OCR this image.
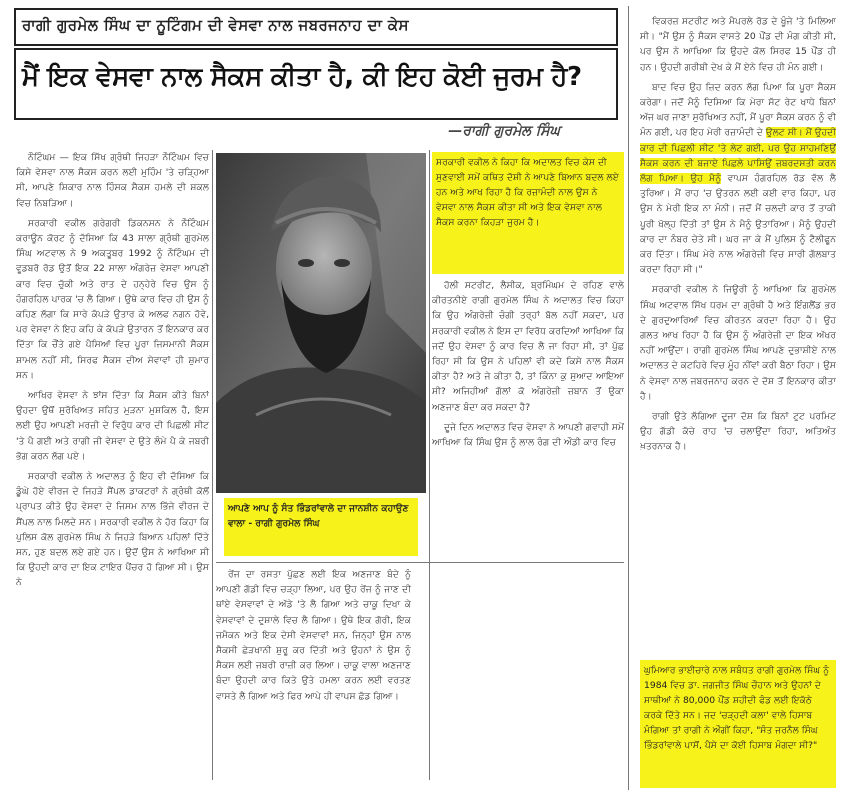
ਰਾਗੀ ਗੁਰਮੇਲ ਸਿੰਘ ਦਾ ਨੂਟਿੰਗਮ ਦੀ ਵੇਸਵਾ ਨਾਲ ਜਬਰਜਨਾਹ ਦਾ ਕੇਸ
ਮੈਂ ਇਕ ਵੇਸਵਾ ਨਾਲ ਸੈਕਸ ਕੀਤਾ ਹੈ, ਕੀ ਇਹ ਕੋਈ ਜੁਰਮ ਹੈ?
—ਰਾਗੀ ਗੁਰਮੇਲ ਸਿੰਘ

ਨੌਟਿੰਘਮ — ਇਕ ਸਿੱਖ ਗ੍ਰੰਥੀ ਜਿਹੜਾ ਨੌਟਿੰਘਮ ਵਿਚ ਕਿਸੇ ਵੇਸਵਾ ਨਾਲ ਸੈਕਸ ਕਰਨ ਲਈ ਮੁਹਿੰਮ 'ਤੇ ਚੜ੍ਹਿਆ ਸੀ, ਆਪਣੇ ਸ਼ਿਕਾਰ ਨਾਲ ਹਿੰਸਕ ਸੈਕਸ ਹਮਲੇ ਦੀ ਸ਼ਕਲ ਵਿਚ ਨਿਬੜਿਆ।

ਸਰਕਾਰੀ ਵਕੀਲ ਗਰੇਗਰੀ ਡਿਕਨਸਨ ਨੇ ਨੌਟਿੰਘਮ ਕਰਾਊਨ ਕੋਰਟ ਨੂੰ ਦੱਸਿਆ ਕਿ 43 ਸਾਲਾ ਗ੍ਰੰਥੀ ਗੁਰਮੇਲ ਸਿੰਘ ਅਟਵਾਲ ਨੇ 9 ਅਕਤੂਬਰ 1992 ਨੂੰ ਨੌਟਿੰਘਮ ਦੀ ਵੂਡਬਰੋ ਰੋਡ ਉਤੋਂ ਇਕ 22 ਸਾਲਾ ਅੰਗਰੇਜ਼ ਵੇਸਵਾ ਆਪਣੀ ਕਾਰ ਵਿਚ ਚੁੱਕੀ ਅਤੇ ਰਾਤ ਦੇ ਹਨ੍ਹੇਰੇ ਵਿਚ ਉਸ ਨੂੰ ਹੰਗਰਹਿਲ ਪਾਰਕ 'ਚ ਲੈ ਗਿਆ। ਉਥੇ ਕਾਰ ਵਿਚ ਹੀ ਉਸ ਨੂੰ ਕਹਿਣ ਲੱਗਾ ਕਿ ਸਾਰੇ ਕੱਪੜੇ ਉਤਾਰ ਕੇ ਅਲਫ ਨਗਨ ਹੋਵੇ, ਪਰ ਵੇਸਵਾ ਨੇ ਇਹ ਕਹਿ ਕੇ ਕੱਪੜੇ ਉਤਾਰਨ ਤੋਂ ਇਨਕਾਰ ਕਰ ਦਿੱਤਾ ਕਿ ਚੌਂਤੇ ਗਏ ਪੈਸਿਆਂ ਵਿਚ ਪੂਰਾ ਜਿਸਮਾਨੀ ਸੈਕਸ ਸ਼ਾਮਲ ਨਹੀਂ ਸੀ, ਸਿਰਫ ਸੈਕਸ ਦੀਅ ਸੇਵਾਵਾਂ ਹੀ ਸ਼ੁਮਾਰ ਸਨ।

ਆਖਿਰ ਵੇਸਵਾ ਨੇ ਝਾਂਸ ਦਿੱਤਾ ਕਿ ਸੈਕਸ ਕੀਤੇ ਬਿਨਾਂ ਉਹਦਾ ਉਥੋਂ ਸੁਰੱਖਿਅਤ ਸਹਿਤ ਮੁੜਨਾ ਮੁਸ਼ਕਿਲ ਹੈ, ਇਸ ਲਈ ਉਹ ਆਪਣੀ ਮਰਜ਼ੀ ਦੇ ਵਿਰੁੱਧ ਕਾਰ ਦੀ ਪਿਛਲੀ ਸੀਟ 'ਤੇ ਪੈ ਗਈ ਅਤੇ ਰਾਗੀ ਜੀ ਵੇਸਵਾ ਦੇ ਉਤੇ ਲੰਮੇ ਪੈ ਕੇ ਜਬਰੀ ਭੋਗ ਕਰਨ ਲੱਗ ਪਏ।

ਸਰਕਾਰੀ ਵਕੀਲ ਨੇ ਅਦਾਲਤ ਨੂੰ ਇਹ ਵੀ ਦੱਸਿਆ ਕਿ ਡੂੰਘੇ ਹੋਏ ਵੀਰਜ ਦੇ ਜਿਹੜੇ ਸੈਂਪਲ ਡਾਕਟਰਾਂ ਨੇ ਗ੍ਰੰਥੀ ਕੋਲੋਂ ਪ੍ਰਾਪਤ ਕੀਤੇ ਉਹ ਵੇਸਵਾ ਦੇ ਜਿਸਮ ਨਾਲ ਭਿੱਜੇ ਵੀਰਜ ਦੇ ਸੈਂਪਲ ਨਾਲ ਮਿਲਦੇ ਸਨ। ਸਰਕਾਰੀ ਵਕੀਲ ਨੇ ਹੋਰ ਕਿਹਾ ਕਿ ਪੁਲਿਸ ਕੋਲ ਗੁਰਮੇਲ ਸਿੰਘ ਨੇ ਜਿਹੜੇ ਬਿਆਨ ਪਹਿਲਾਂ ਦਿੱਤੇ ਸਨ, ਹੁਣ ਬਦਲ ਲਏ ਗਏ ਹਨ। ਉਦੋਂ ਉਸ ਨੇ ਆਖਿਆ ਸੀ ਕਿ ਉਹਦੀ ਕਾਰ ਦਾ ਇਕ ਟਾਇਰ ਪੈਂਚਰ ਹੋ ਗਿਆ ਸੀ। ਉਸ ਨੇ

ਆਪਣੇ ਆਪ ਨੂੰ ਸੰਤ ਭਿੰਡਰਾਂਵਾਲੇ ਦਾ ਜਾਨਸ਼ੀਨ ਕਹਾਉਣ ਵਾਲਾ - ਰਾਗੀ ਗੁਰਮੇਲ ਸਿੰਘ
ਸਰਕਾਰੀ ਵਕੀਲ ਨੇ ਕਿਹਾ ਕਿ ਅਦਾਲਤ ਵਿਚ ਕੇਸ ਦੀ ਸੁਣਵਾਈ ਸਮੇਂ ਕਥਿਤ ਦੋਸ਼ੀ ਨੇ ਆਪਣੇ ਬਿਆਨ ਬਦਲ ਲਏ ਹਨ ਅਤੇ ਆਖ ਰਿਹਾ ਹੈ ਕਿ ਰਜ਼ਾਮੰਦੀ ਨਾਲ ਉਸ ਨੇ ਵੇਸਵਾ ਨਾਲ ਸੈਕਸ ਕੀਤਾ ਸੀ ਅਤੇ ਇਕ ਵੇਸਵਾ ਨਾਲ ਸੈਕਸ ਕਰਨਾ ਕਿਹੜਾ ਜੁਰਮ ਹੈ।

ਹੋਲੀ ਸਟਰੀਟ, ਲੈਸੀਕ, ਬ੍ਰਮਿੰਘਮ ਦੇ ਰਹਿਣ ਵਾਲੇ ਕੀਰਤਨੀਏ ਰਾਗੀ ਗੁਰਮੇਲ ਸਿੰਘ ਨੇ ਅਦਾਲਤ ਵਿਚ ਕਿਹਾ ਕਿ ਉਹ ਅੰਗਰੇਜ਼ੀ ਚੰਗੀ ਤਰ੍ਹਾਂ ਬੋਲ ਨਹੀਂ ਸਕਦਾ, ਪਰ ਸਰਕਾਰੀ ਵਕੀਲ ਨੇ ਇਸ ਦਾ ਵਿਰੋਧ ਕਰਦਿਆਂ ਆਖਿਆ ਕਿ ਜਦੋਂ ਉਹ ਵੇਸਵਾ ਨੂੰ ਕਾਰ ਵਿਚ ਲੈ ਜਾ ਰਿਹਾ ਸੀ, ਤਾਂ ਪੁੱਛ ਰਿਹਾ ਸੀ ਕਿ ਉਸ ਨੇ ਪਹਿਲਾਂ ਵੀ ਕਦੇ ਕਿਸੇ ਨਾਲ ਸੈਕਸ ਕੀਤਾ ਹੈ? ਅਤੇ ਜੇ ਕੀਤਾ ਹੈ, ਤਾਂ ਕਿੰਨਾ ਕੁ ਸੁਆਦ ਆਇਆ ਸੀ? ਅਜਿਹੀਆਂ ਗੱਲਾਂ ਕੋ ਅੰਗਰੇਜ਼ੀ ਜ਼ਬਾਨ ਤੋਂ ਉਕਾ ਅਣਜਾਣ ਬੰਦਾ ਕਰ ਸਕਦਾ ਹੈ?

ਦੂਜੇ ਦਿਨ ਅਦਾਲਤ ਵਿਚ ਵੇਸਵਾ ਨੇ ਆਪਣੀ ਗਵਾਹੀ ਸਮੇਂ ਆਖਿਆ ਕਿ ਸਿੰਘ ਉਸ ਨੂੰ ਲਾਲ ਰੰਗ ਦੀ ਔਡੀ ਕਾਰ ਵਿਚ

ਰੇਂਜ ਦਾ ਰਸਤਾ ਪੁੱਛਣ ਲਈ ਇਕ ਅਣਜਾਣ ਬੰਦੇ ਨੂੰ ਆਪਣੀ ਗੱਡੀ ਵਿਚ ਚੜ੍ਹਾ ਲਿਆ, ਪਰ ਉਹ ਰੇਂਜ ਨੂੰ ਜਾਣ ਦੀ ਥਾਂਏ ਵੇਸਵਾਵਾਂ ਦੇ ਅੱਡੇ 'ਤੇ ਲੈ ਗਿਆ ਅਤੇ ਚਾਕੂ ਦਿਖਾ ਕੇ ਵੇਸਵਾਵਾਂ ਦੇ ਦੁਸ਼ਾਲੇ ਵਿਚ ਲੈ ਗਿਆ। ਉਥੇ ਇਕ ਗੋਰੀ, ਇਕ ਜਮੈਕਨ ਅਤੇ ਇਕ ਦੇਸੀ ਵੇਸਵਾਵਾਂ ਸਨ, ਜਿਨ੍ਹਾਂ ਉਸ ਨਾਲ ਸੈਕਸੀ ਛੇੜਖਾਨੀ ਸ਼ੁਰੂ ਕਰ ਦਿੱਤੀ ਅਤੇ ਉਹਨਾਂ ਨੇ ਉਸ ਨੂੰ ਸੈਕਸ ਲਈ ਜਬਰੀ ਰਾਜ਼ੀ ਕਰ ਲਿਆ। ਚਾਕੂ ਵਾਲਾ ਅਣਜਾਣ ਬੰਦਾ ਉਹਦੀ ਕਾਰ ਕਿਤੇ ਉਤੇ ਹਮਲਾ ਕਰਨ ਲਈ ਵਰਤਣ ਵਾਸਤੇ ਲੈ ਗਿਆ ਅਤੇ ਫਿਰ ਆਪੇ ਹੀ ਵਾਪਸ ਛੱਡ ਗਿਆ।

ਵਿਕਰਜ਼ ਸਟਰੀਟ ਅਤੇ ਮੈਪਰਲੇ ਰੋਡ ਦੇ ਖੂੰਜੇ 'ਤੇ ਮਿਲਿਆ ਸੀ। "ਮੈਂ ਉਸ ਨੂੰ ਸੈਕਸ ਵਾਸਤੇ 20 ਪੌਂਡ ਦੀ ਮੰਗ ਕੀਤੀ ਸੀ, ਪਰ ਉਸ ਨੇ ਆਖਿਆ ਕਿ ਉਹਦੇ ਕੋਲ ਸਿਰਫ 15 ਪੌਂਡ ਹੀ ਹਨ। ਉਹਦੀ ਗਰੀਬੀ ਦੇਖ ਕੇ ਮੈਂ ਏਨੇ ਵਿਚ ਹੀ ਮੰਨ ਗਈ।

ਬਾਦ ਵਿਚ ਉਹ ਜ਼ਿਦ ਕਰਨ ਲੱਗ ਪਿਆ ਕਿ ਪੂਰਾ ਸੈਕਸ ਕਰੇਗਾ। ਜਦੋਂ ਮੈਨੂੰ ਦਿਸਿਆ ਕਿ ਮੇਰਾ ਸੱਟ ਰੇਟ ਖਾਧੇ ਬਿਨਾਂ ਅੱਜ ਘਰ ਜਾਣਾ ਸੁਰੱਖਿਅਤ ਨਹੀਂ, ਮੈਂ ਪੂਰਾ ਸੈਕਸ ਕਰਨ ਨੂੰ ਵੀ ਮੰਨ ਗਈ, ਪਰ ਇਹ ਮੇਰੀ ਰਜ਼ਾਮੰਦੀ ਦੇ ਉਲਟ ਸੀ। ਮੈਂ ਉਹਦੀ ਕਾਰ ਦੀ ਪਿਛਲੀ ਸੀਟ 'ਤੇ ਲੇਟ ਗਈ, ਪਰ ਉਹ ਸਾਹਮਣਿਉਂ ਸੈਕਸ ਕਰਨ ਦੀ ਬਜਾਏ ਪਿਛਲੇ ਪਾਸਿਉਂ ਜ਼ਬਰਦਸਤੀ ਕਰਨ ਲੱਗ ਪਿਆ। ਉਹ ਮੈਨੂੰ ਵਾਪਸ ਹੰਗਰਹਿਲ ਰੋਡ ਵੱਲ ਲੈ ਤੁਰਿਆ। ਮੈਂ ਰਾਹ 'ਚ ਉਤਰਨ ਲਈ ਕਈ ਵਾਰ ਕਿਹਾ, ਪਰ ਉਸ ਨੇ ਮੇਰੀ ਇਕ ਨਾ ਮੰਨੀ। ਜਦੋਂ ਮੈਂ ਚਲਦੀ ਕਾਰ ਤੋਂ ਤਾਕੀ ਪੂਰੀ ਖੋਲ੍ਹ ਦਿੱਤੀ ਤਾਂ ਉਸ ਨੇ ਮੈਨੂੰ ਉਤਾਰਿਆ। ਮੈਨੂੰ ਉਹਦੀ ਕਾਰ ਦਾ ਨੰਬਰ ਚੇਤੇ ਸੀ। ਘਰ ਜਾ ਕੇ ਮੈਂ ਪੁਲਿਸ ਨੂੰ ਟੈਲੀਫੂਨ ਕਰ ਦਿੱਤਾ। ਸਿੰਘ ਮੇਰੇ ਨਾਲ ਅੰਗਰੇਜ਼ੀ ਵਿਚ ਸਾਰੀ ਗੱਲਬਾਤ ਕਰਦਾ ਰਿਹਾ ਸੀ।"

ਸਰਕਾਰੀ ਵਕੀਲ ਨੇ ਜਿਊਰੀ ਨੂੰ ਆਖਿਆ ਕਿ ਗੁਰਮੇਲ ਸਿੰਘ ਅਟਵਾਲ ਸਿੱਖ ਧਰਮ ਦਾ ਗ੍ਰੰਥੀ ਹੈ ਅਤੇ ਇੰਗਲੈਂਡ ਭਰ ਦੇ ਗੁਰਦੁਆਰਿਆਂ ਵਿਚ ਕੀਰਤਨ ਕਰਦਾ ਰਿਹਾ ਹੈ। ਉਹ ਗਲਤ ਆਖ ਰਿਹਾ ਹੈ ਕਿ ਉਸ ਨੂੰ ਅੰਗਰੇਜ਼ੀ ਦਾ ਇਕ ਅੱਖਰ ਨਹੀਂ ਆਉਂਦਾ। ਰਾਗੀ ਗੁਰਮੇਲ ਸਿੰਘ ਆਪਣੇ ਦੁਭਾਸ਼ੀਏ ਨਾਲ ਅਦਾਲਤ ਦੇ ਕਟਹਿਰੇ ਵਿਚ ਮੂੰਹ ਨੀਂਵਾਂ ਕਰੀ ਬੈਠਾ ਰਿਹਾ। ਉਸ ਨੇ ਵੇਸਵਾ ਨਾਲ ਜਬਰਜਨਾਹ ਕਰਨ ਦੇ ਦੋਸ਼ ਤੋਂ ਇਨਕਾਰ ਕੀਤਾ ਹੈ।

ਰਾਗੀ ਉਤੇ ਲੱਗਿਆ ਦੂਜਾ ਦੋਸ਼ ਕਿ ਬਿਨਾਂ ਟੁਟ ਪਰਮਿਟ ਉਹ ਗੱਡੀ ਕੱਚੇ ਰਾਹ 'ਚ ਚਲਾਉਂਦਾ ਰਿਹਾ, ਅਤਿਅੰਤ ਖ਼ਤਰਨਾਕ ਹੈ।

ਘੁਮਿਆਰ ਭਾਈਚਾਰੇ ਨਾਲ ਸਬੰਧਤ ਰਾਗੀ ਗੁਰਮੇਲ ਸਿੰਘ ਨੂੰ 1984 ਵਿਚ ਡਾ. ਜਗਜੀਤ ਸਿੰਘ ਚੌਹਾਨ ਅਤੇ ਉਹਨਾਂ ਦੇ ਸਾਥੀਆਂ ਨੇ 80,000 ਪੌਂਡ ਸ਼ਹੀਦੀ ਫੰਡ ਲਈ ਇਕੱਠੇ ਕਰਕੇ ਦਿੱਤੇ ਸਨ। ਜਦ 'ਚੜ੍ਹਦੀ ਕਲਾ' ਵਾਲੇ ਹਿਸਾਬ ਮੰਗਿਆ ਤਾਂ ਰਾਗੀ ਨੇ ਔਗੀਂ ਕਿਹਾ, "ਸੰਤ ਜਰਨੈਲ ਸਿੰਘ ਭਿੰਡਰਾਂਵਾਲੇ ਪਾਸੋਂ, ਪੈਸੇ ਦਾ ਕੋਈ ਹਿਸਾਬ ਮੰਗਦਾ ਸੀ?"
